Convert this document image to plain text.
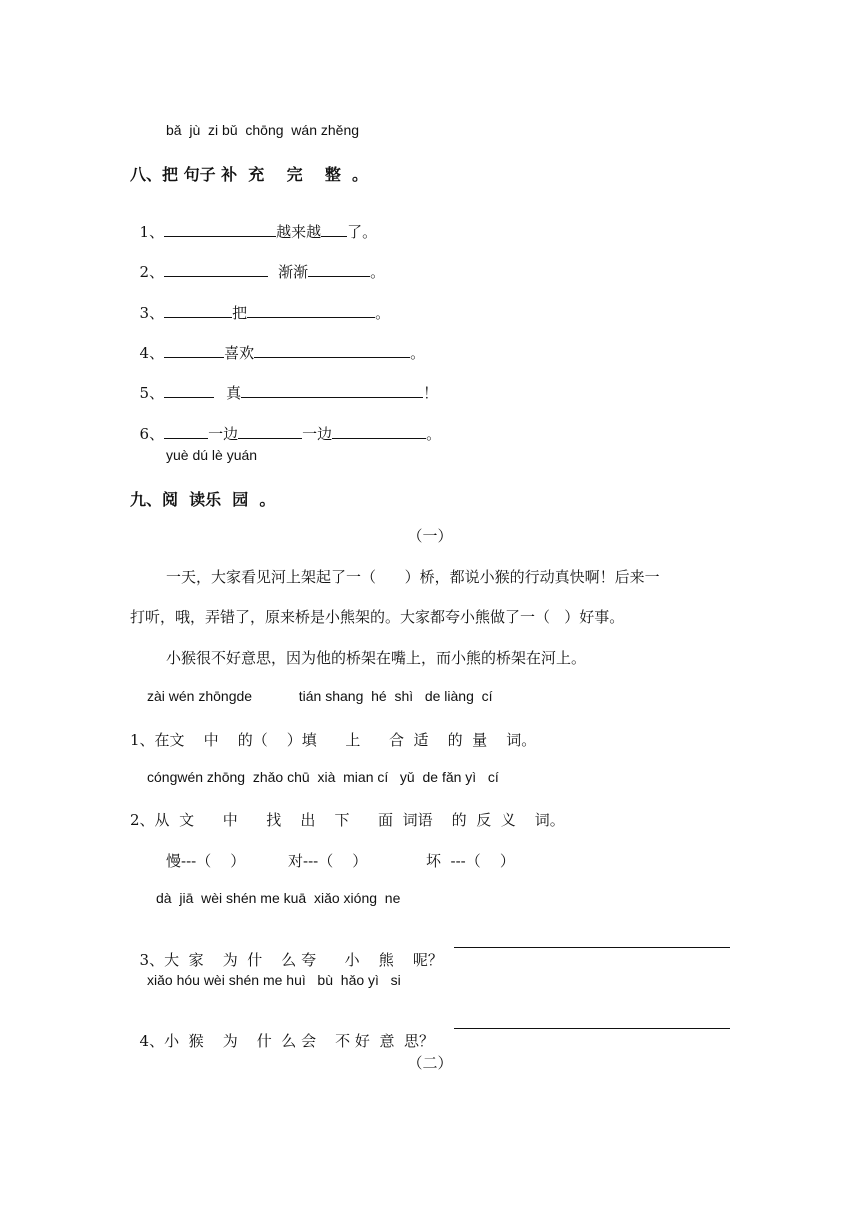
bǎ  jù  zi bǔ  chōng  wán zhěng
八、把 句子 补  充    完    整  。

1、	越来越 了。

2、	渐渐	。

3、	把	。

4、	喜欢	。

5、	真	！

6、	一边	一边	。

yuè dú lè yuán
九、阅  读乐  园  。
（一）
一天，大家看见河上架起了一（      ）桥，都说小猴的行动真快啊！后来一
打听，哦，弄错了，原来桥是小熊架的。大家都夸小熊做了一（   ）好事。
小猴很不好意思，因为他的桥架在嘴上，而小熊的桥架在河上。
zài wén zhōngde            tián shang  hé  shì   de liàng  cí
1、在文    中    的（    ）填      上      合  适    的  量    词。
cóngwén zhōng  zhǎo chū  xià  mian cí   yǔ  de fǎn yì   cí
2、从  文      中      找    出    下      面  词语    的  反  义    词。
慢---（    ）	对---（    ）	坏  ---（    ）
dà  jiā  wèi shén me kuā  xiǎo xióng  ne

3、大  家    为  什    么 夸      小    熊    呢？

xiǎo hóu wèi shén me huì   bù  hǎo yì   si

4、小  猴    为    什  么 会    不 好  意  思？

（二）
